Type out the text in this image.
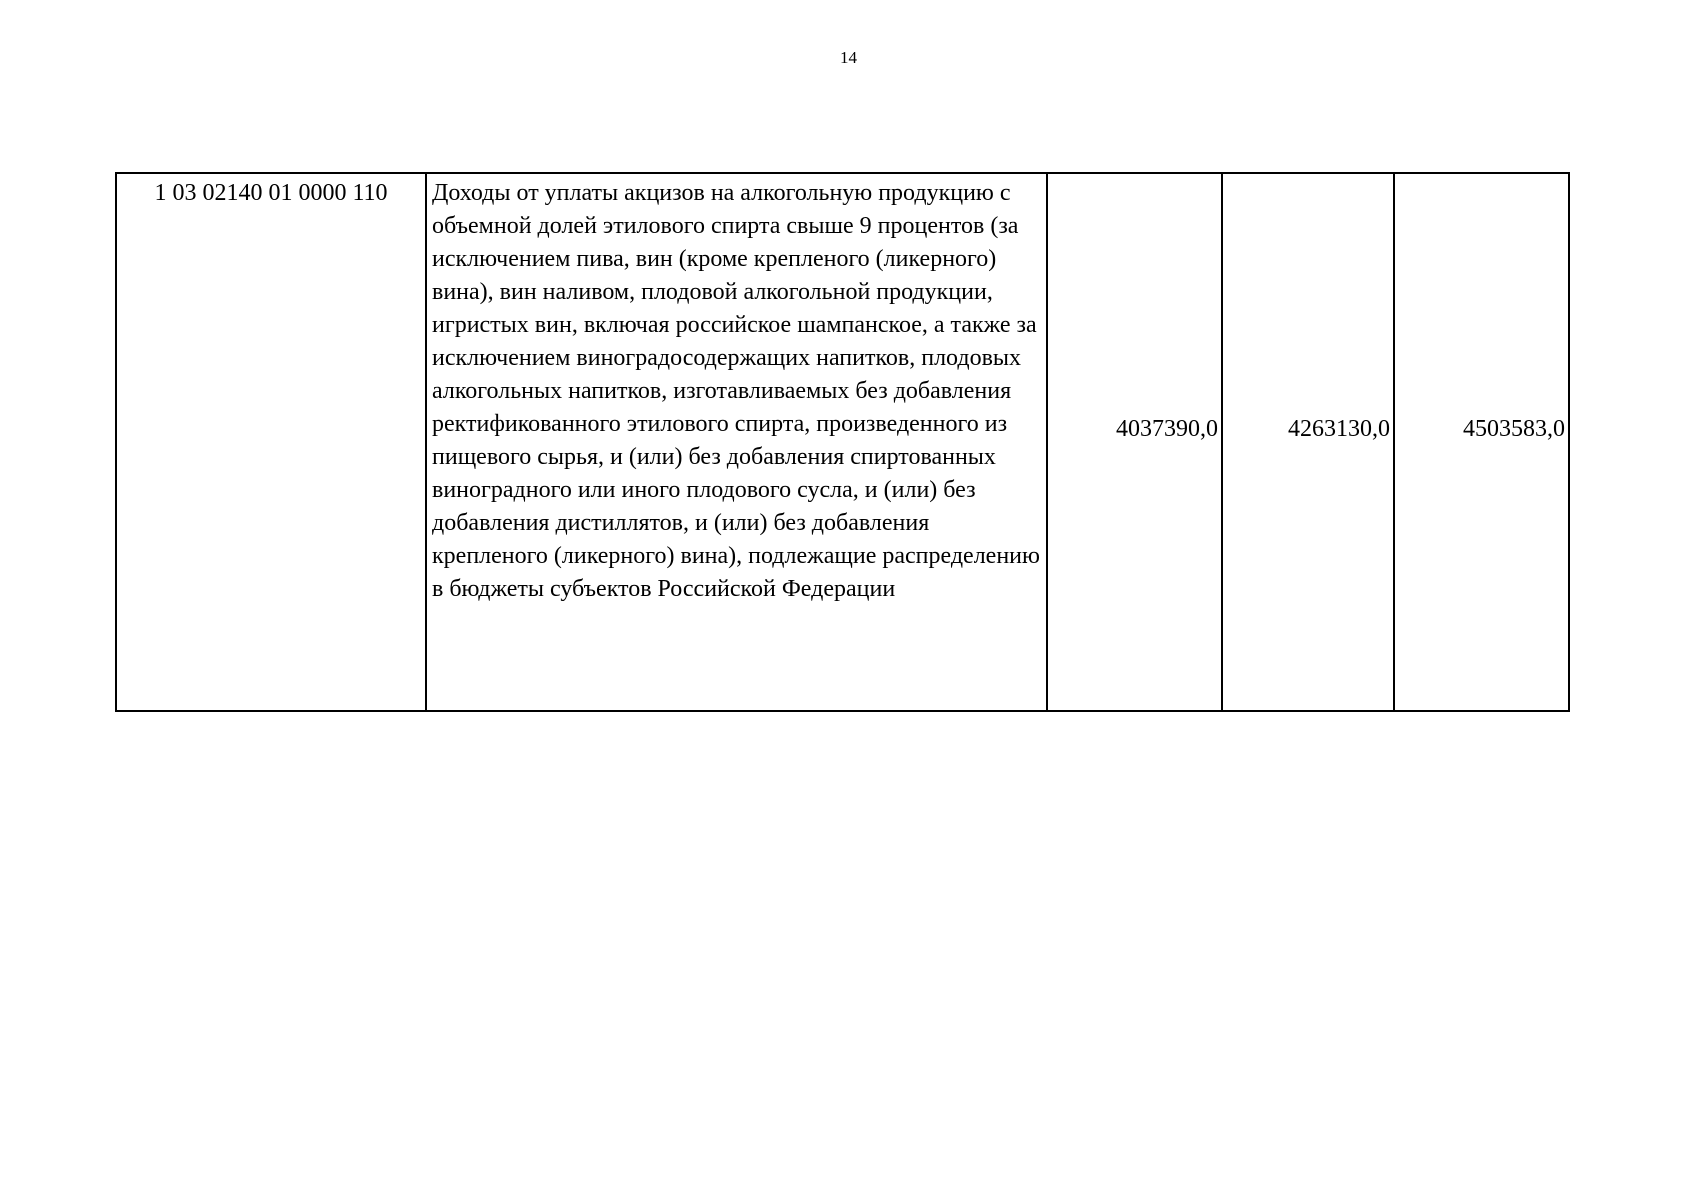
14
1 03 02140 01 0000 110	Доходы от уплаты акцизов на алкогольную продукцию с объемной долей этилового спирта свыше 9 процентов (за исключением пива, вин (кроме крепленого (ликерного) вина), вин наливом, плодовой алкогольной продукции, игристых вин, включая российское шампанское, а также за исключением виноградосодержащих напитков, плодовых алкогольных напитков, изготавливаемых без добавления ректификованного этилового спирта, произведенного из пищевого сырья, и (или) без добавления спиртованных виноградного или иного плодового сусла, и (или) без добавления дистиллятов, и (или) без добавления крепленого (ликерного) вина), подлежащие распределению в бюджеты субъектов Российской Федерации	4037390,0	4263130,0	4503583,0
